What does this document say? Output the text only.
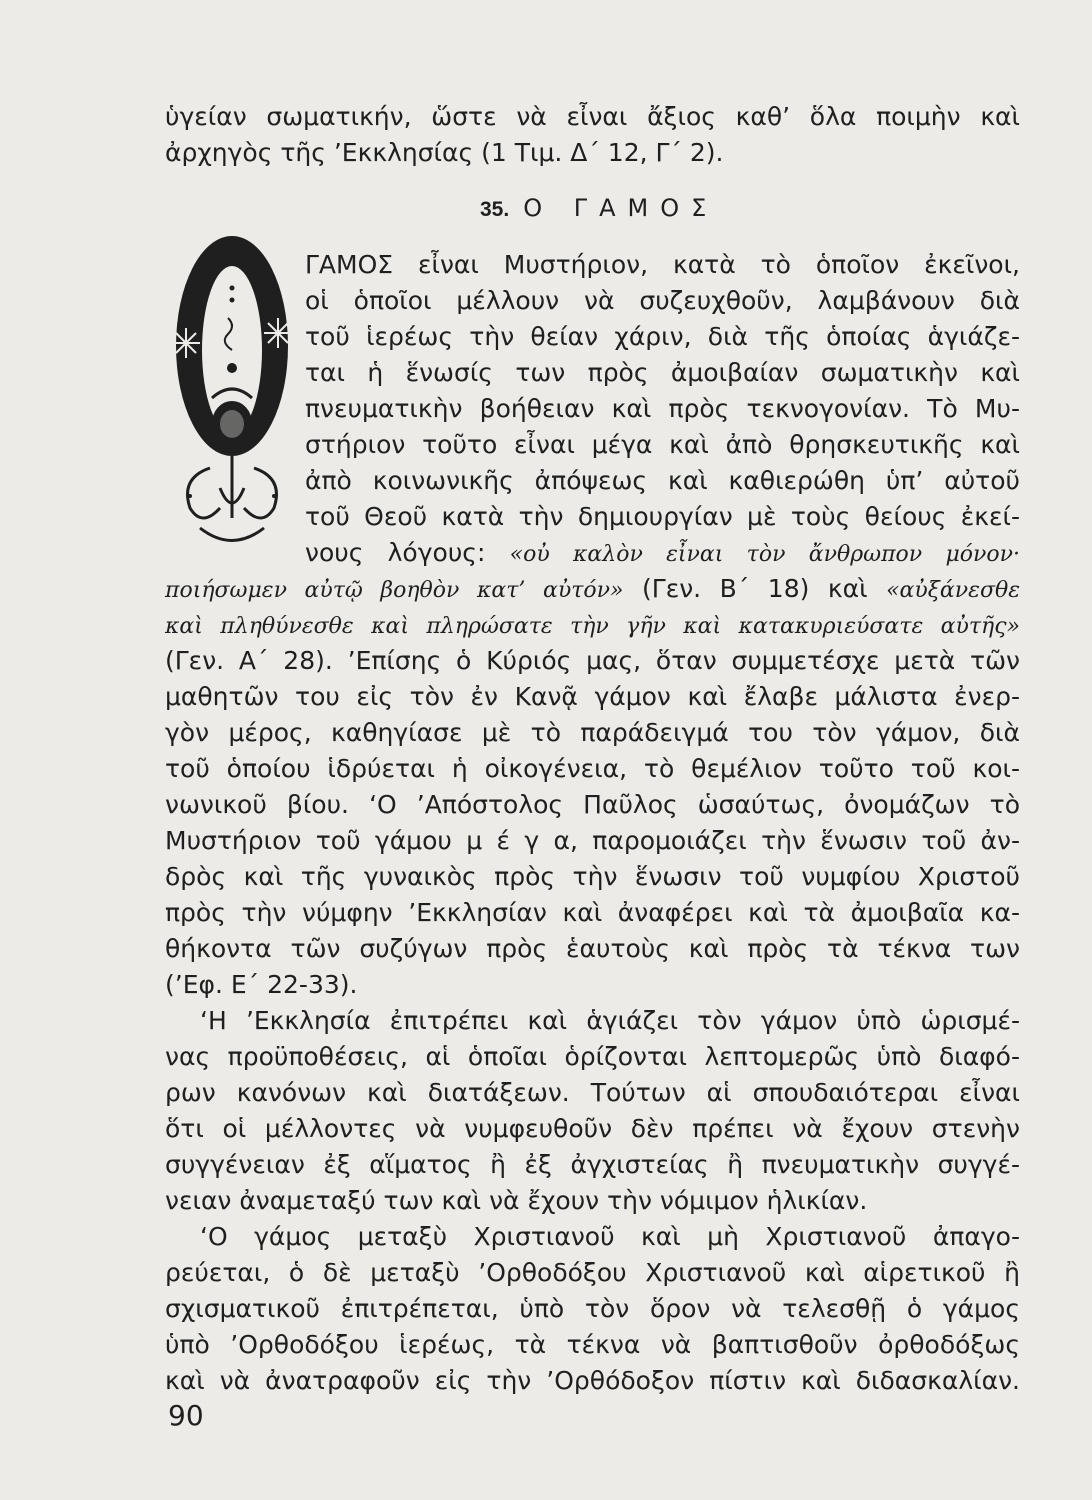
ὑγείαν σωματικήν, ὥστε νὰ εἶναι ἄξιος καθ’ ὅλα ποιμὴν καὶ
ἀρχηγὸς τῆς ’Εκκλησίας (1 Τιμ. Δ΄ 12, Γ΄ 2).
35. Ο ΓΑΜΟΣ
ΓΑΜΟΣ εἶναι Μυστήριον, κατὰ τὸ ὁποῖον ἐκεῖνοι,
οἱ ὁποῖοι μέλλουν νὰ συζευχθοῦν, λαμβάνουν διὰ
τοῦ ἱερέως τὴν θείαν χάριν, διὰ τῆς ὁποίας ἁγιάζε-
ται ἡ ἕνωσίς των πρὸς ἀμοιβαίαν σωματικὴν καὶ
πνευματικὴν βοήθειαν καὶ πρὸς τεκνογονίαν. Τὸ Μυ-
στήριον τοῦτο εἶναι μέγα καὶ ἀπὸ θρησκευτικῆς καὶ
ἀπὸ κοινωνικῆς ἀπόψεως καὶ καθιερώθη ὑπ’ αὐτοῦ
τοῦ Θεοῦ κατὰ τὴν δημιουργίαν μὲ τοὺς θείους ἐκεί-
νους λόγους: «οὐ καλὸν εἶναι τὸν ἄνθρωπον μόνον·
ποιήσωμεν αὐτῷ βοηθὸν κατ’ αὐτόν» (Γεν. Β΄ 18) καὶ «αὐξάνεσθε
καὶ πληθύνεσθε καὶ πληρώσατε τὴν γῆν καὶ κατακυριεύσατε αὐτῆς»
(Γεν. Α΄ 28). ’Επίσης ὁ Κύριός μας, ὅταν συμμετέσχε μετὰ τῶν
μαθητῶν του εἰς τὸν ἐν Κανᾷ γάμον καὶ ἔλαβε μάλιστα ἐνερ-
γὸν μέρος, καθηγίασε μὲ τὸ παράδειγμά του τὸν γάμον, διὰ
τοῦ ὁποίου ἱδρύεται ἡ οἰκογένεια, τὸ θεμέλιον τοῦτο τοῦ κοι-
νωνικοῦ βίου. ‘Ο ’Απόστολος Παῦλος ὡσαύτως, ὀνομάζων τὸ
Μυστήριον τοῦ γάμου μ έ γ α, παρομοιάζει τὴν ἕνωσιν τοῦ ἀν-
δρὸς καὶ τῆς γυναικὸς πρὸς τὴν ἕνωσιν τοῦ νυμφίου Χριστοῦ
πρὸς τὴν νύμφην ’Εκκλησίαν καὶ ἀναφέρει καὶ τὰ ἀμοιβαῖα κα-
θήκοντα τῶν συζύγων πρὸς ἑαυτοὺς καὶ πρὸς τὰ τέκνα των
(’Εφ. Ε΄ 22-33).
‘Η ’Εκκλησία ἐπιτρέπει καὶ ἁγιάζει τὸν γάμον ὑπὸ ὡρισμέ-
νας προϋποθέσεις, αἱ ὁποῖαι ὁρίζονται λεπτομερῶς ὑπὸ διαφό-
ρων κανόνων καὶ διατάξεων. Τούτων αἱ σπουδαιότεραι εἶναι
ὅτι οἱ μέλλοντες νὰ νυμφευθοῦν δὲν πρέπει νὰ ἔχουν στενὴν
συγγένειαν ἐξ αἵματος ἢ ἐξ ἀγχιστείας ἢ πνευματικὴν συγγέ-
νειαν ἀναμεταξύ των καὶ νὰ ἔχουν τὴν νόμιμον ἡλικίαν.
‘Ο γάμος μεταξὺ Χριστιανοῦ καὶ μὴ Χριστιανοῦ ἀπαγο-
ρεύεται, ὁ δὲ μεταξὺ ’Ορθοδόξου Χριστιανοῦ καὶ αἱρετικοῦ ἢ
σχισματικοῦ ἐπιτρέπεται, ὑπὸ τὸν ὅρον νὰ τελεσθῇ ὁ γάμος
ὑπὸ ’Ορθοδόξου ἱερέως, τὰ τέκνα νὰ βαπτισθοῦν ὀρθοδόξως
καὶ νὰ ἀνατραφοῦν εἰς τὴν ’Ορθόδοξον πίστιν καὶ διδασκαλίαν.
90
